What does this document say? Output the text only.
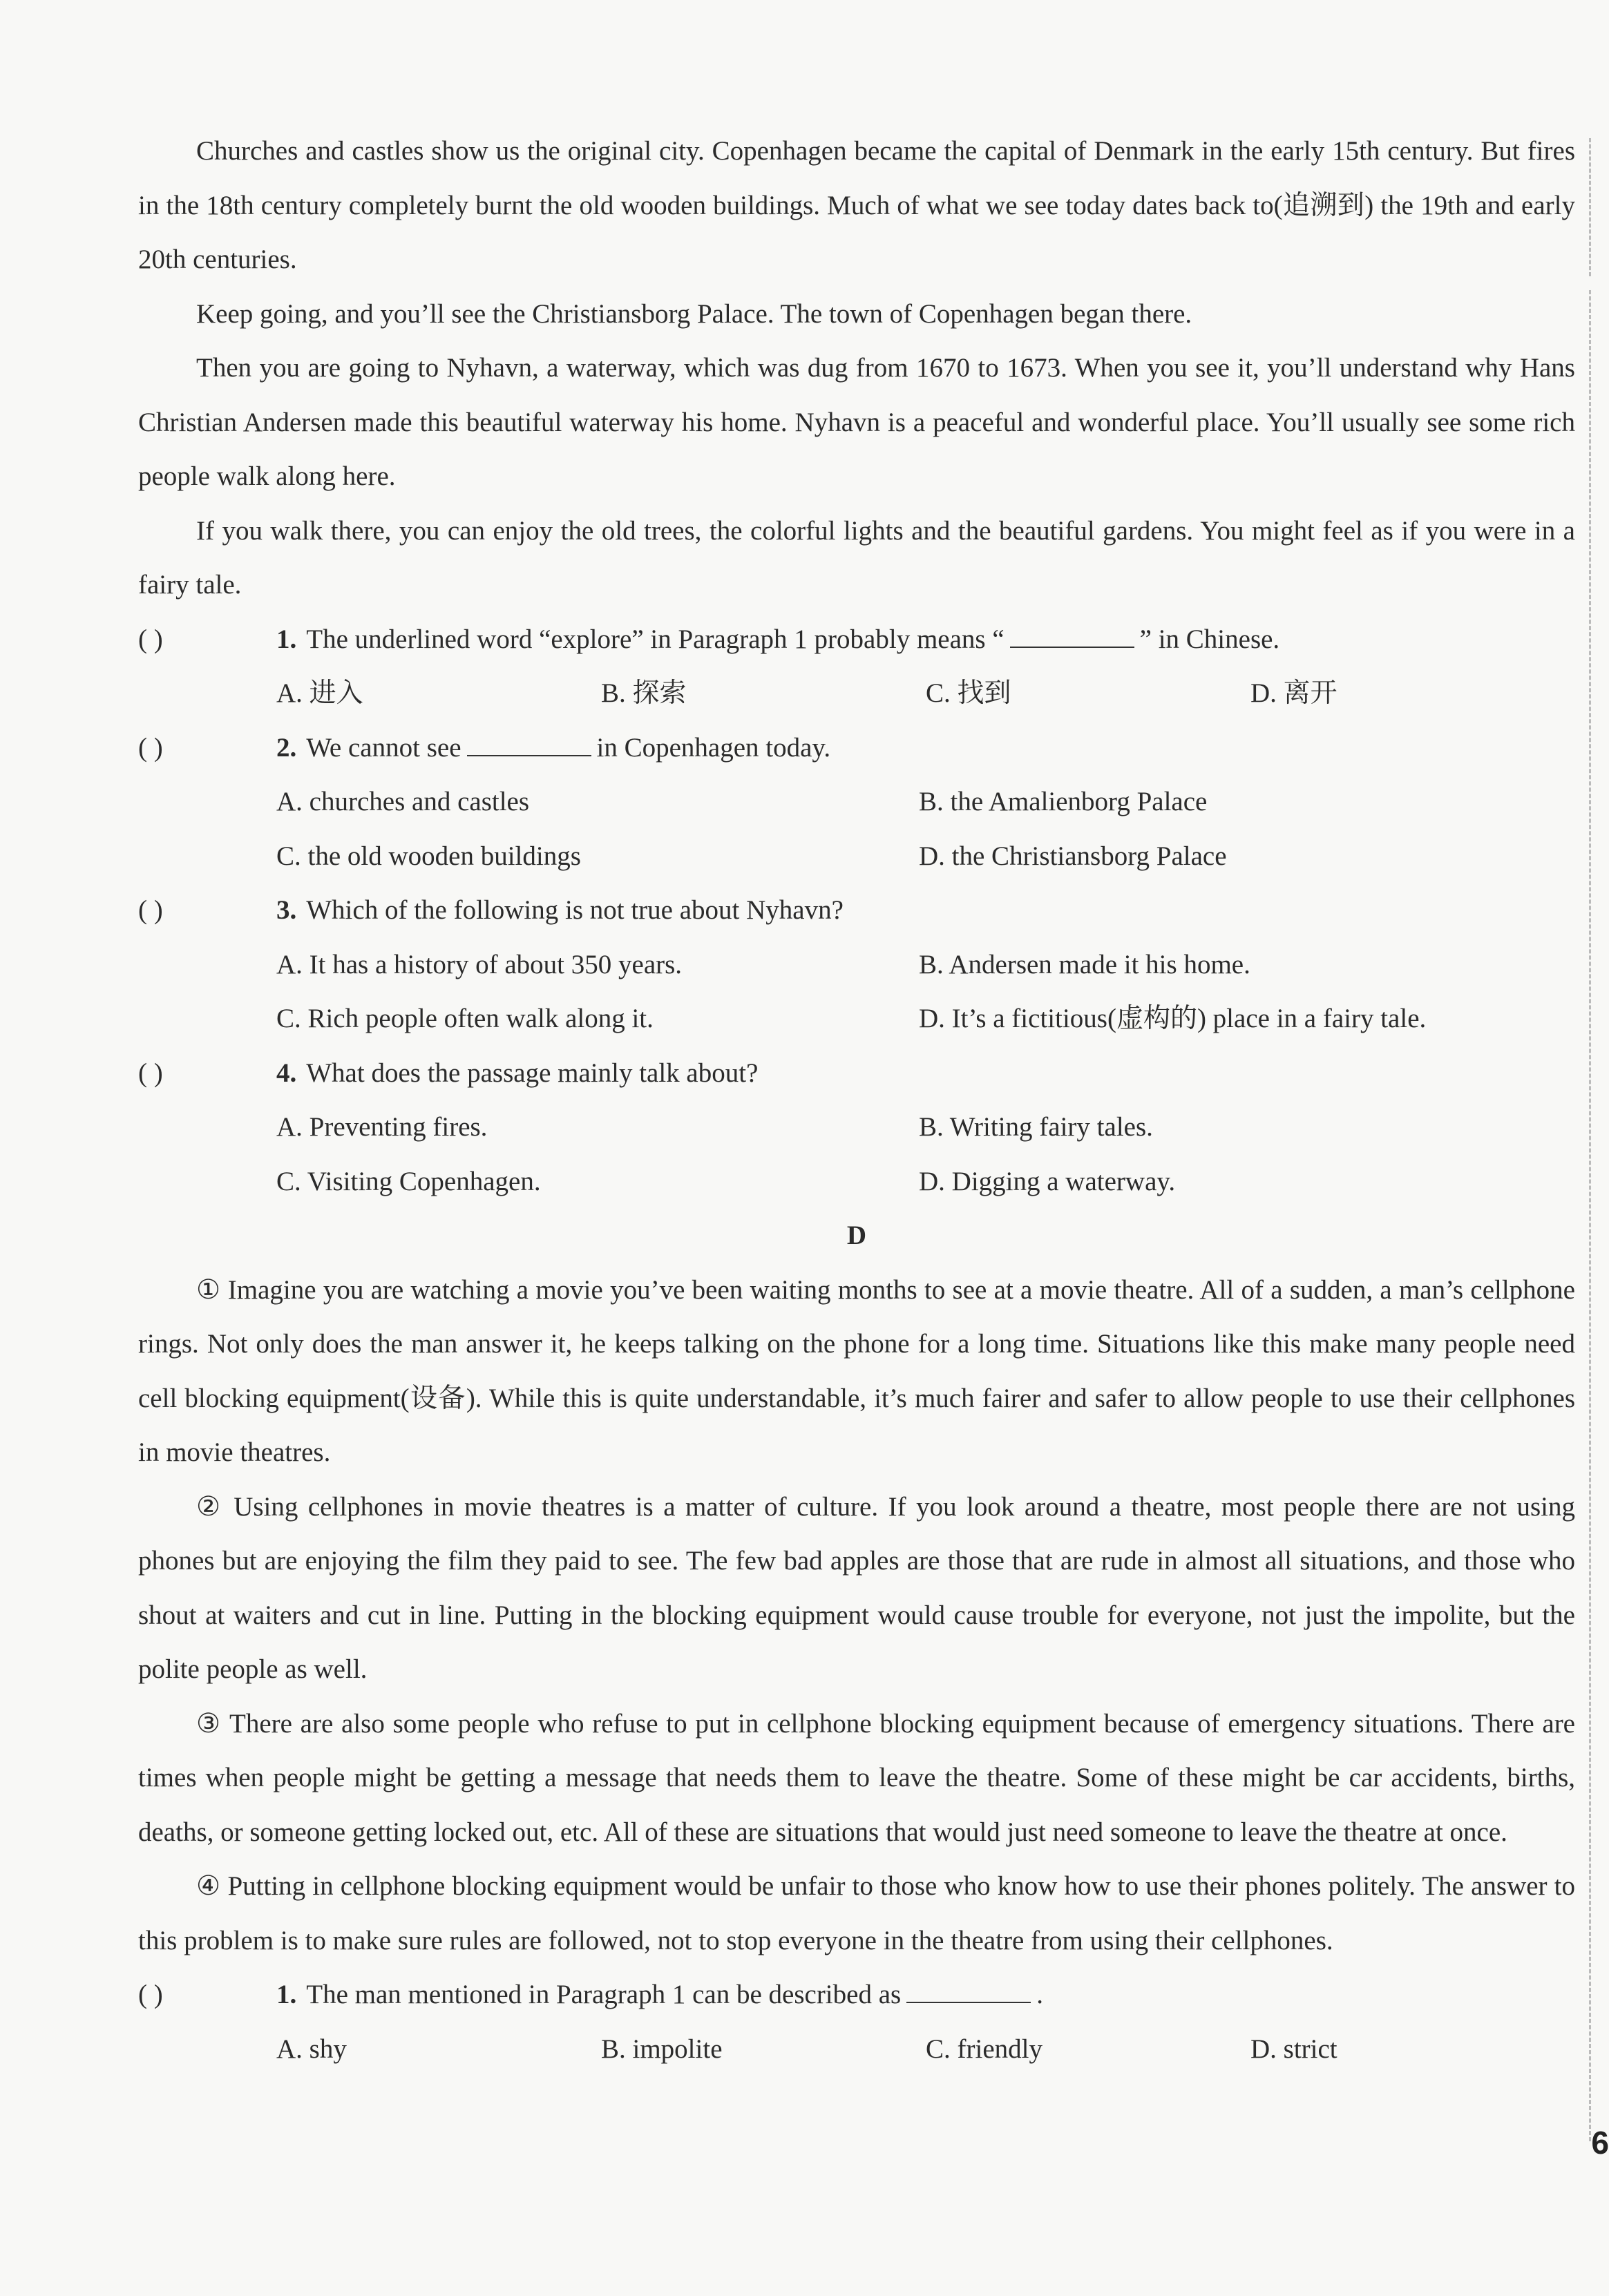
Churches and castles show us the original city. Copenhagen became the capital of Denmark in the early 15th century. But fires in the 18th century completely burnt the old wooden buildings. Much of what we see today dates back to(追溯到) the 19th and early 20th centuries.

Keep going, and you’ll see the Christiansborg Palace. The town of Copenhagen began there.

Then you are going to Nyhavn, a waterway, which was dug from 1670 to 1673. When you see it, you’ll understand why Hans Christian Andersen made this beautiful waterway his home. Nyhavn is a peaceful and wonderful place. You’ll usually see some rich people walk along here.

If you walk there, you can enjoy the old trees, the colorful lights and the beautiful gardens. You might feel as if you were in a fairy tale.

( )	1. The underlined word “explore” in Paragraph 1 probably means “	” in Chinese.

A. 进入	B. 探索	C. 找到	D. 离开

( )	2. We cannot see	in Copenhagen today.

A. churches and castles	B. the Amalienborg Palace
C. the old wooden buildings	D. the Christiansborg Palace

( )	3. Which of the following is not true about Nyhavn?

A. It has a history of about 350 years.	B. Andersen made it his home.
C. Rich people often walk along it.	D. It’s a fictitious(虚构的) place in a fairy tale.

( )	4. What does the passage mainly talk about?

A. Preventing fires.	B. Writing fairy tales.
C. Visiting Copenhagen.	D. Digging a waterway.

D

① Imagine you are watching a movie you’ve been waiting months to see at a movie theatre. All of a sudden, a man’s cellphone rings. Not only does the man answer it, he keeps talking on the phone for a long time. Situations like this make many people need cell blocking equipment(设备). While this is quite understandable, it’s much fairer and safer to allow people to use their cellphones in movie theatres.

② Using cellphones in movie theatres is a matter of culture. If you look around a theatre, most people there are not using phones but are enjoying the film they paid to see. The few bad apples are those that are rude in almost all situations, and those who shout at waiters and cut in line. Putting in the blocking equipment would cause trouble for everyone, not just the impolite, but the polite people as well.

③ There are also some people who refuse to put in cellphone blocking equipment because of emergency situations. There are times when people might be getting a message that needs them to leave the theatre. Some of these might be car accidents, births, deaths, or someone getting locked out, etc. All of these are situations that would just need someone to leave the theatre at once.

④ Putting in cellphone blocking equipment would be unfair to those who know how to use their phones politely. The answer to this problem is to make sure rules are followed, not to stop everyone in the theatre from using their cellphones.

( )	1. The man mentioned in Paragraph 1 can be described as	.

A. shy	B. impolite	C. friendly	D. strict
6
